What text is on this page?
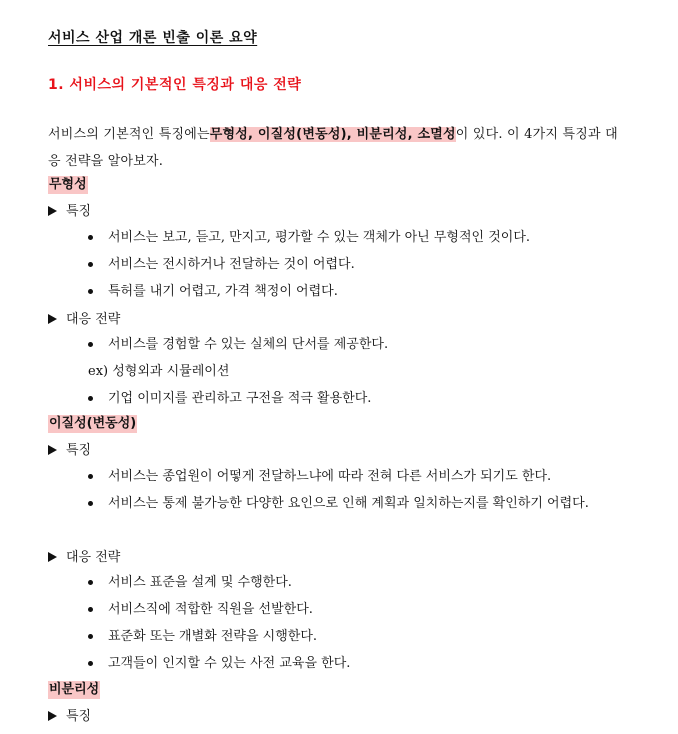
서비스 산업 개론 빈출 이론 요약
1. 서비스의 기본적인 특징과 대응 전략
서비스의 기본적인 특징에는무형성, 이질성(변동성), 비분리성, 소멸성이 있다. 이 4가지 특징과 대응 전략을 알아보자.
무형성
특징
서비스는 보고, 듣고, 만지고, 평가할 수 있는 객체가 아닌 무형적인 것이다.
서비스는 전시하거나 전달하는 것이 어렵다.
특허를 내기 어렵고, 가격 책정이 어렵다.
대응 전략
서비스를 경험할 수 있는 실체의 단서를 제공한다.
ex) 성형외과 시뮬레이션
기업 이미지를 관리하고 구전을 적극 활용한다.
이질성(변동성)
특징
서비스는 종업원이 어떻게 전달하느냐에 따라 전혀 다른 서비스가 되기도 한다.
서비스는 통제 불가능한 다양한 요인으로 인해 계획과 일치하는지를 확인하기 어렵다.
대응 전략
서비스 표준을 설계 및 수행한다.
서비스직에 적합한 직원을 선발한다.
표준화 또는 개별화 전략을 시행한다.
고객들이 인지할 수 있는 사전 교육을 한다.
비분리성
특징
